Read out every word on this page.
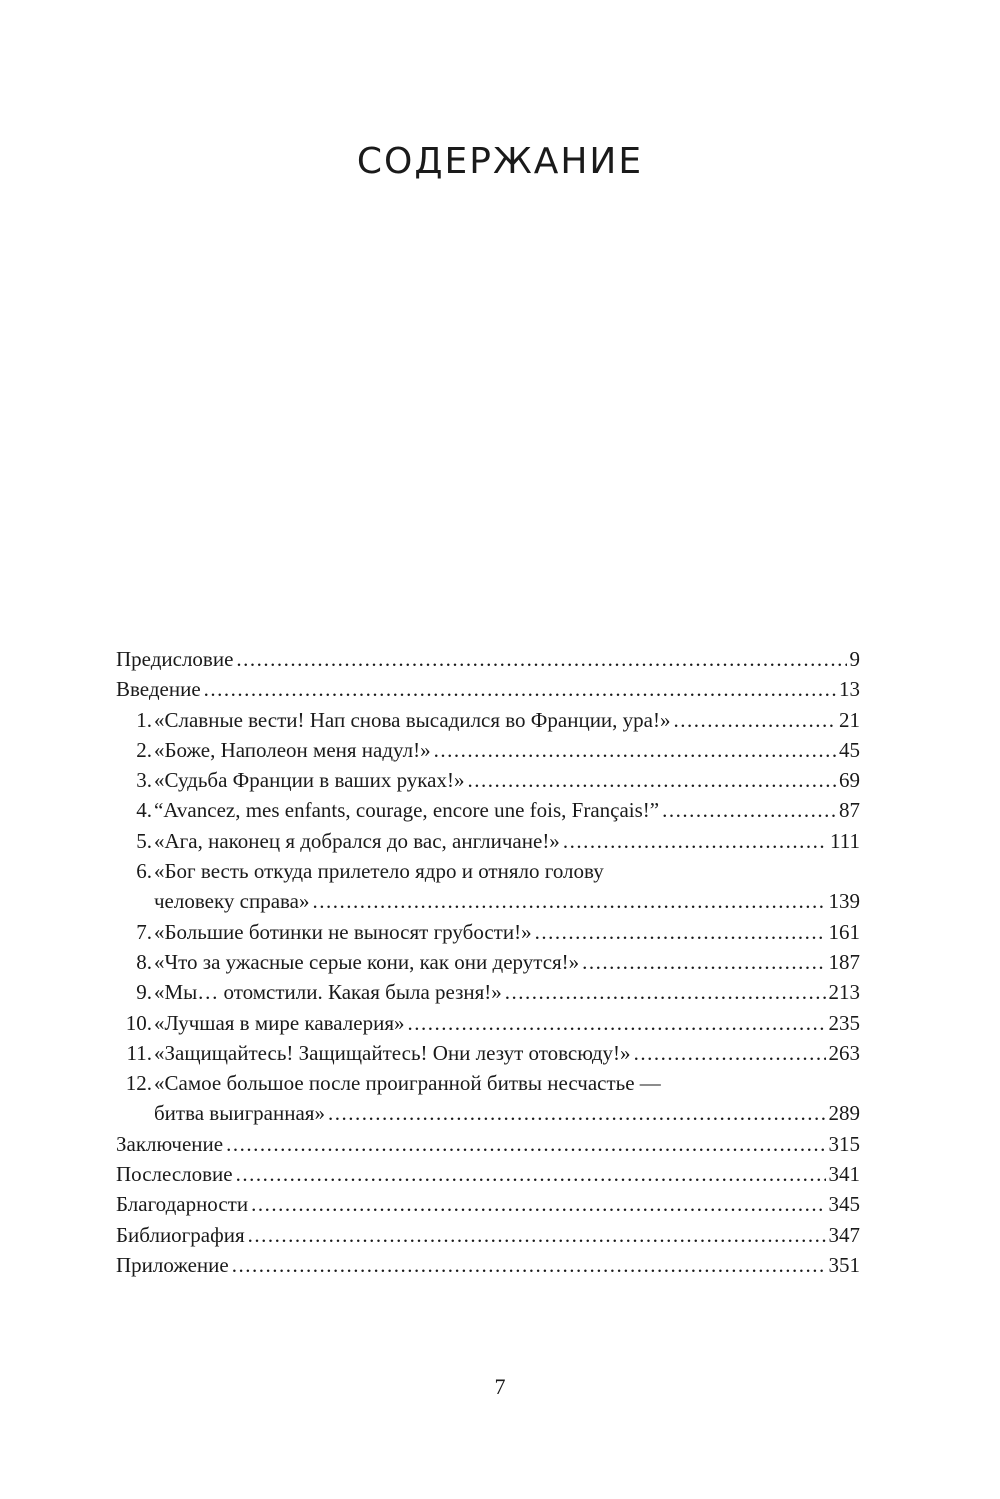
СОДЕРЖАНИЕ
Предисловие .....	9
Введение .....	13
1. «Славные вести! Нап снова высадился во Франции, ура!» .....	21
2. «Боже, Наполеон меня надул!» .....	45
3. «Судьба Франции в ваших руках!» .....	69
4. “Avancez, mes enfants, courage, encore une fois, Français!” .....	87
5. «Ага, наконец я добрался до вас, англичане!» .....	111
6. «Бог весть откуда прилетело ядро и отняло голову
человеку справа» .....	139
7. «Большие ботинки не выносят грубости!» .....	161
8. «Что за ужасные серые кони, как они дерутся!» .....	187
9. «Мы… отомстили. Какая была резня!» .....	213
10. «Лучшая в мире кавалерия» .....	235
11. «Защищайтесь! Защищайтесь! Они лезут отовсюду!» .....	263
12. «Самое большое после проигранной битвы несчастье —
битва выигранная» .....	289
Заключение .....	315
Послесловие .....	341
Благодарности .....	345
Библиография .....	347
Приложение .....	351

7
